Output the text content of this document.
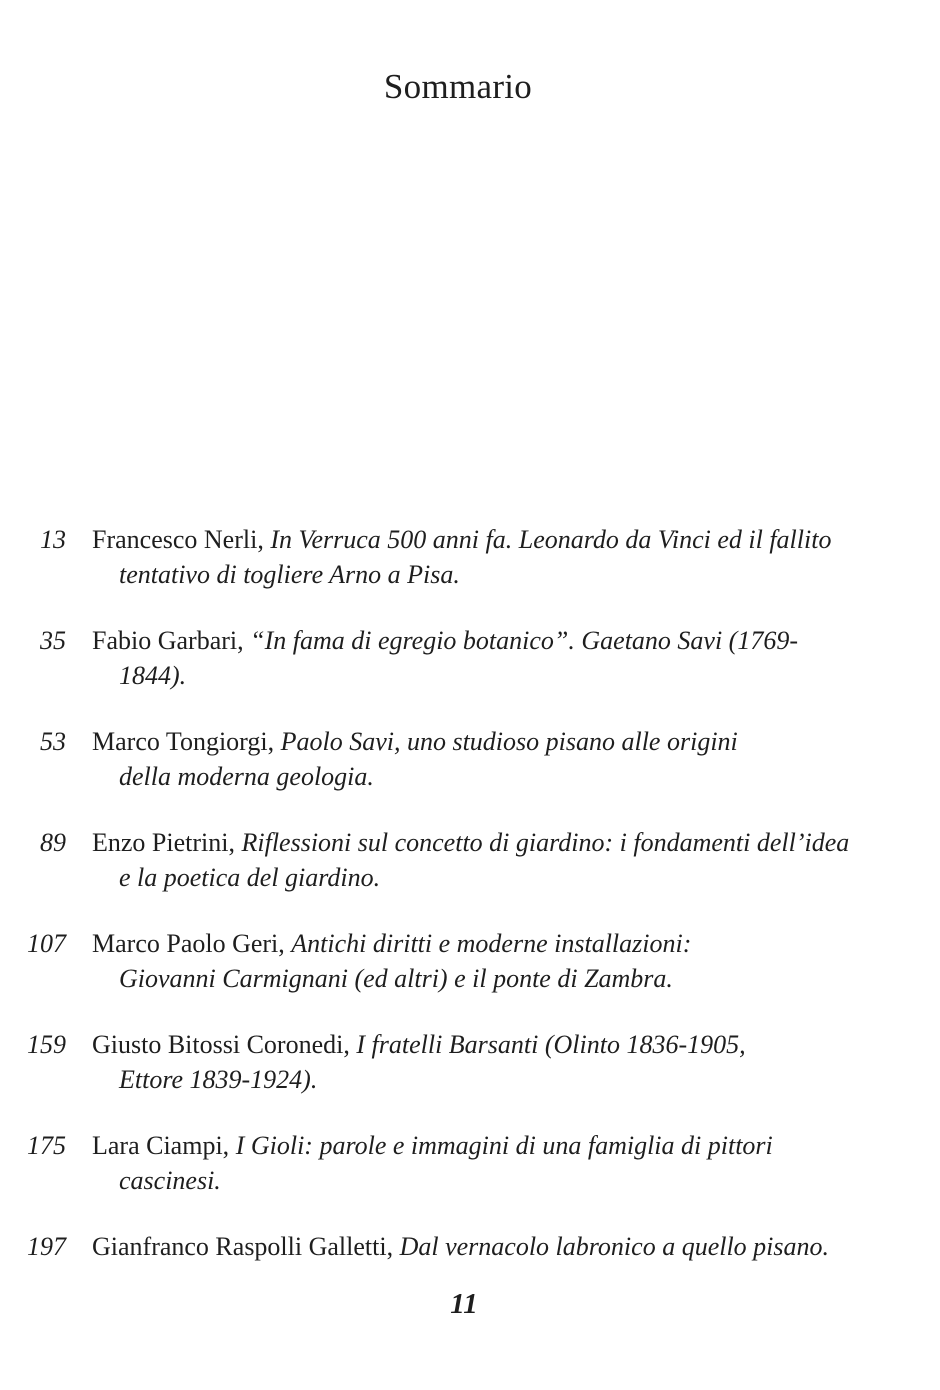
Sommario
13 Francesco Nerli, In Verruca 500 anni fa. Leonardo da Vinci ed il fallito
tentativo di togliere Arno a Pisa.
35 Fabio Garbari, “In fama di egregio botanico”. Gaetano Savi (1769-
1844).
53 Marco Tongiorgi, Paolo Savi, uno studioso pisano alle origini
della moderna geologia.
89 Enzo Pietrini, Riflessioni sul concetto di giardino: i fondamenti dell’idea
e la poetica del giardino.
107 Marco Paolo Geri, Antichi diritti e moderne installazioni:
Giovanni Carmignani (ed altri) e il ponte di Zambra.
159 Giusto Bitossi Coronedi, I fratelli Barsanti (Olinto 1836-1905,
Ettore 1839-1924).
175 Lara Ciampi, I Gioli: parole e immagini di una famiglia di pittori
cascinesi.
197 Gianfranco Raspolli Galletti, Dal vernacolo labronico a quello pisano.
11
